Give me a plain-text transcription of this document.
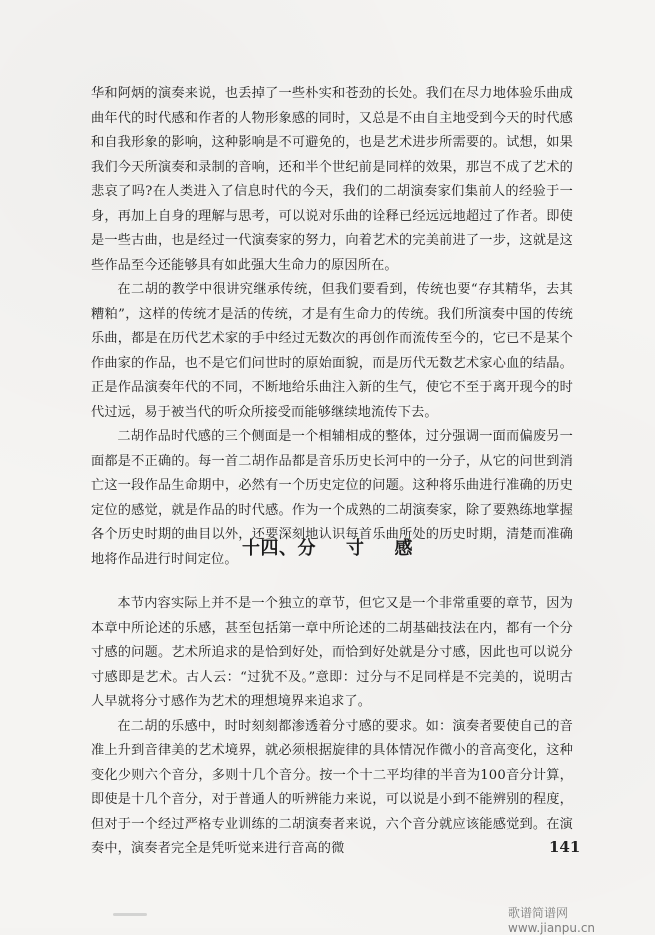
华和阿炳的演奏来说，也丢掉了一些朴实和苍劲的长处。我们在尽力地体验乐曲成曲年代的时代感和作者的人物形象感的同时，又总是不由自主地受到今天的时代感和自我形象的影响，这种影响是不可避免的，也是艺术进步所需要的。试想，如果我们今天所演奏和录制的音响，还和半个世纪前是同样的效果，那岂不成了艺术的悲哀了吗?在人类进入了信息时代的今天，我们的二胡演奏家们集前人的经验于一身，再加上自身的理解与思考，可以说对乐曲的诠释已经远远地超过了作者。即使是一些古曲，也是经过一代演奏家的努力，向着艺术的完美前进了一步，这就是这些作品至今还能够具有如此强大生命力的原因所在。

在二胡的教学中很讲究继承传统，但我们要看到，传统也要“存其精华，去其糟粕”，这样的传统才是活的传统，才是有生命力的传统。我们所演奏中国的传统乐曲，都是在历代艺术家的手中经过无数次的再创作而流传至今的，它已不是某个作曲家的作品，也不是它们问世时的原始面貌，而是历代无数艺术家心血的结晶。正是作品演奏年代的不同，不断地给乐曲注入新的生气，使它不至于离开现今的时代过远，易于被当代的听众所接受而能够继续地流传下去。

二胡作品时代感的三个侧面是一个相辅相成的整体，过分强调一面而偏废另一面都是不正确的。每一首二胡作品都是音乐历史长河中的一分子，从它的问世到消亡这一段作品生命期中，必然有一个历史定位的问题。这种将乐曲进行准确的历史定位的感觉，就是作品的时代感。作为一个成熟的二胡演奏家，除了要熟练地掌握各个历史时期的曲目以外，还要深刻地认识每首乐曲所处的历史时期，清楚而准确地将作品进行时间定位。 十四、分 寸 感

本节内容实际上并不是一个独立的章节，但它又是一个非常重要的章节，因为本章中所论述的乐感，甚至包括第一章中所论述的二胡基础技法在内，都有一个分寸感的问题。艺术所追求的是恰到好处，而恰到好处就是分寸感，因此也可以说分寸感即是艺术。古人云：“过犹不及。”意即：过分与不足同样是不完美的，说明古人早就将分寸感作为艺术的理想境界来追求了。

在二胡的乐感中，时时刻刻都渗透着分寸感的要求。如：演奏者要使自己的音准上升到音律美的艺术境界，就必须根据旋律的具体情况作微小的音高变化，这种变化少则六个音分，多则十几个音分。按一个十二平均律的半音为100音分计算，即使是十几个音分，对于普通人的听辨能力来说，可以说是小到不能辨别的程度，但对于一个经过严格专业训练的二胡演奏者来说，六个音分就应该能感觉到。在演奏中，演奏者完全是凭听觉来进行音高的微	141
歌谱简谱网 www.jianpu.cn
